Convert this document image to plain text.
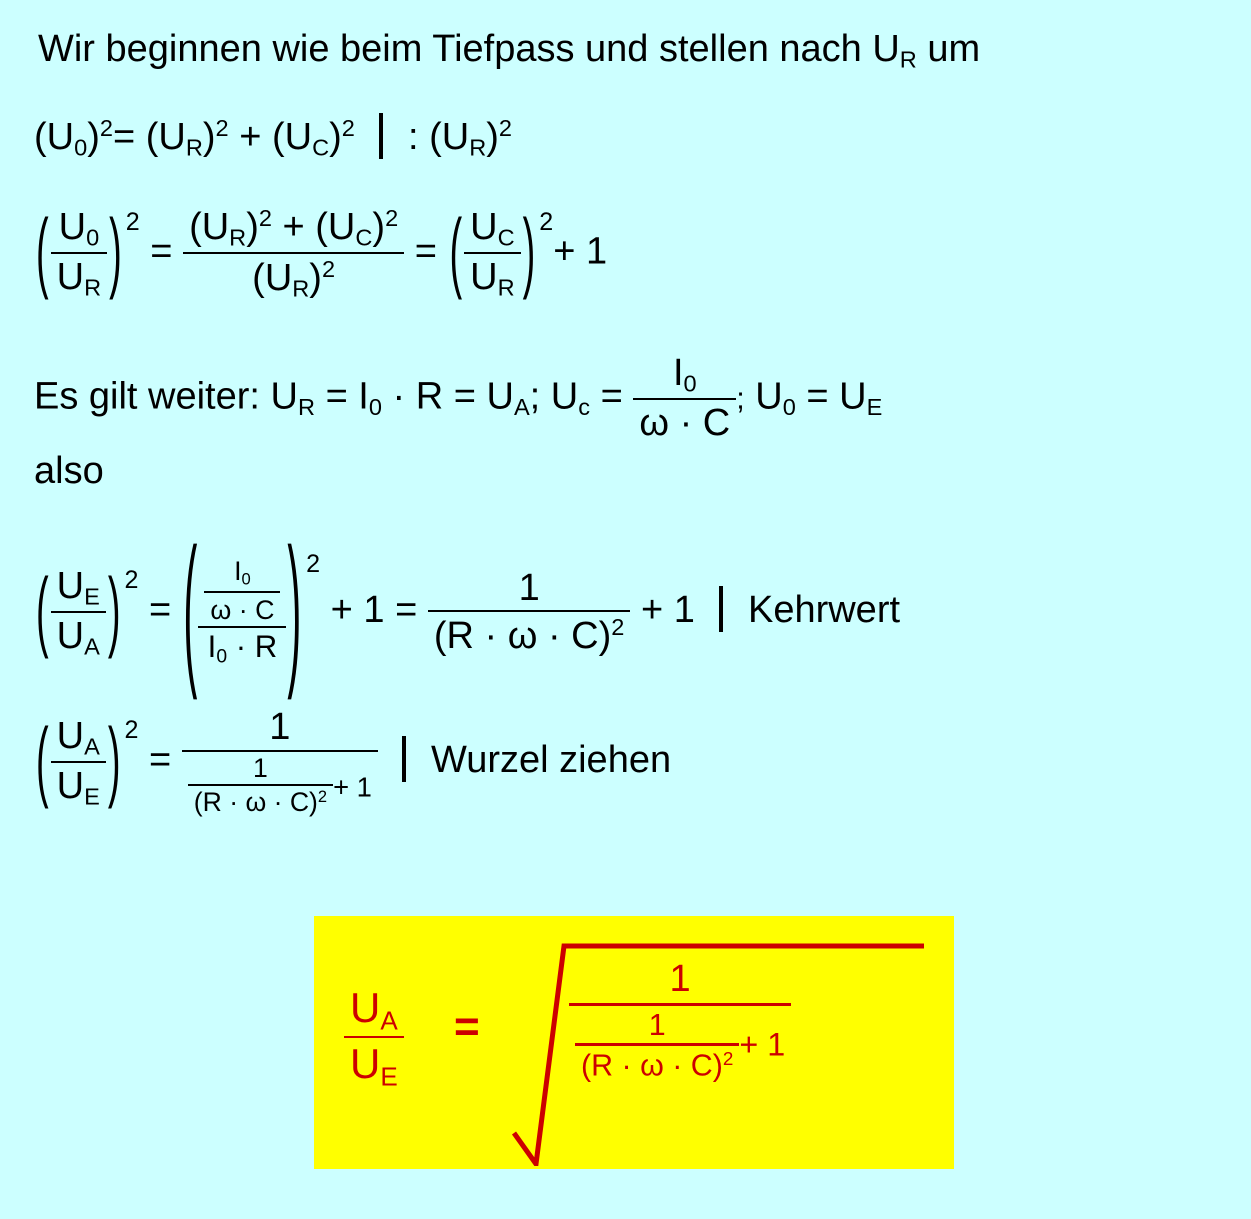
Wir beginnen wie beim Tiefpass und stellen nach $U_R$ um
$(U_0)^2= (U_R)^2 + (U_C)^2$ : $(U_R)^2$
( $\frac{U_0}{U_R}$ ) $^2 = \frac{(U_R)^2 + (U_C)^2}{(U_R)^2}$ = ( $\frac{U_C}{U_R}$ ) $^2$+ 1
Es gilt weiter: $U_R = I_0 \cdot R = U_A$; $U_c = \frac{I_0}{\omega \cdot C}$ ; $U_0 = U_E$
also
( $\frac{U_E}{U_A}$ ) $^2$ = ( $\frac{\frac{I_0}{\omega \cdot C}}{I_0 \cdot R}$ ) $^2 + 1 = \frac{1}{(R \cdot \omega \cdot C)^2} + 1$ Kehrwert
( $\frac{U_A}{U_E}$ ) $^2 = \frac{1}{\frac{1}{(R \cdot \omega \cdot C)^2} + 1}$ Wurzel ziehen
$\frac{U_A}{U_E} = \frac{1}{\frac{1}{(R \cdot \omega \cdot C)^2} + 1}$
